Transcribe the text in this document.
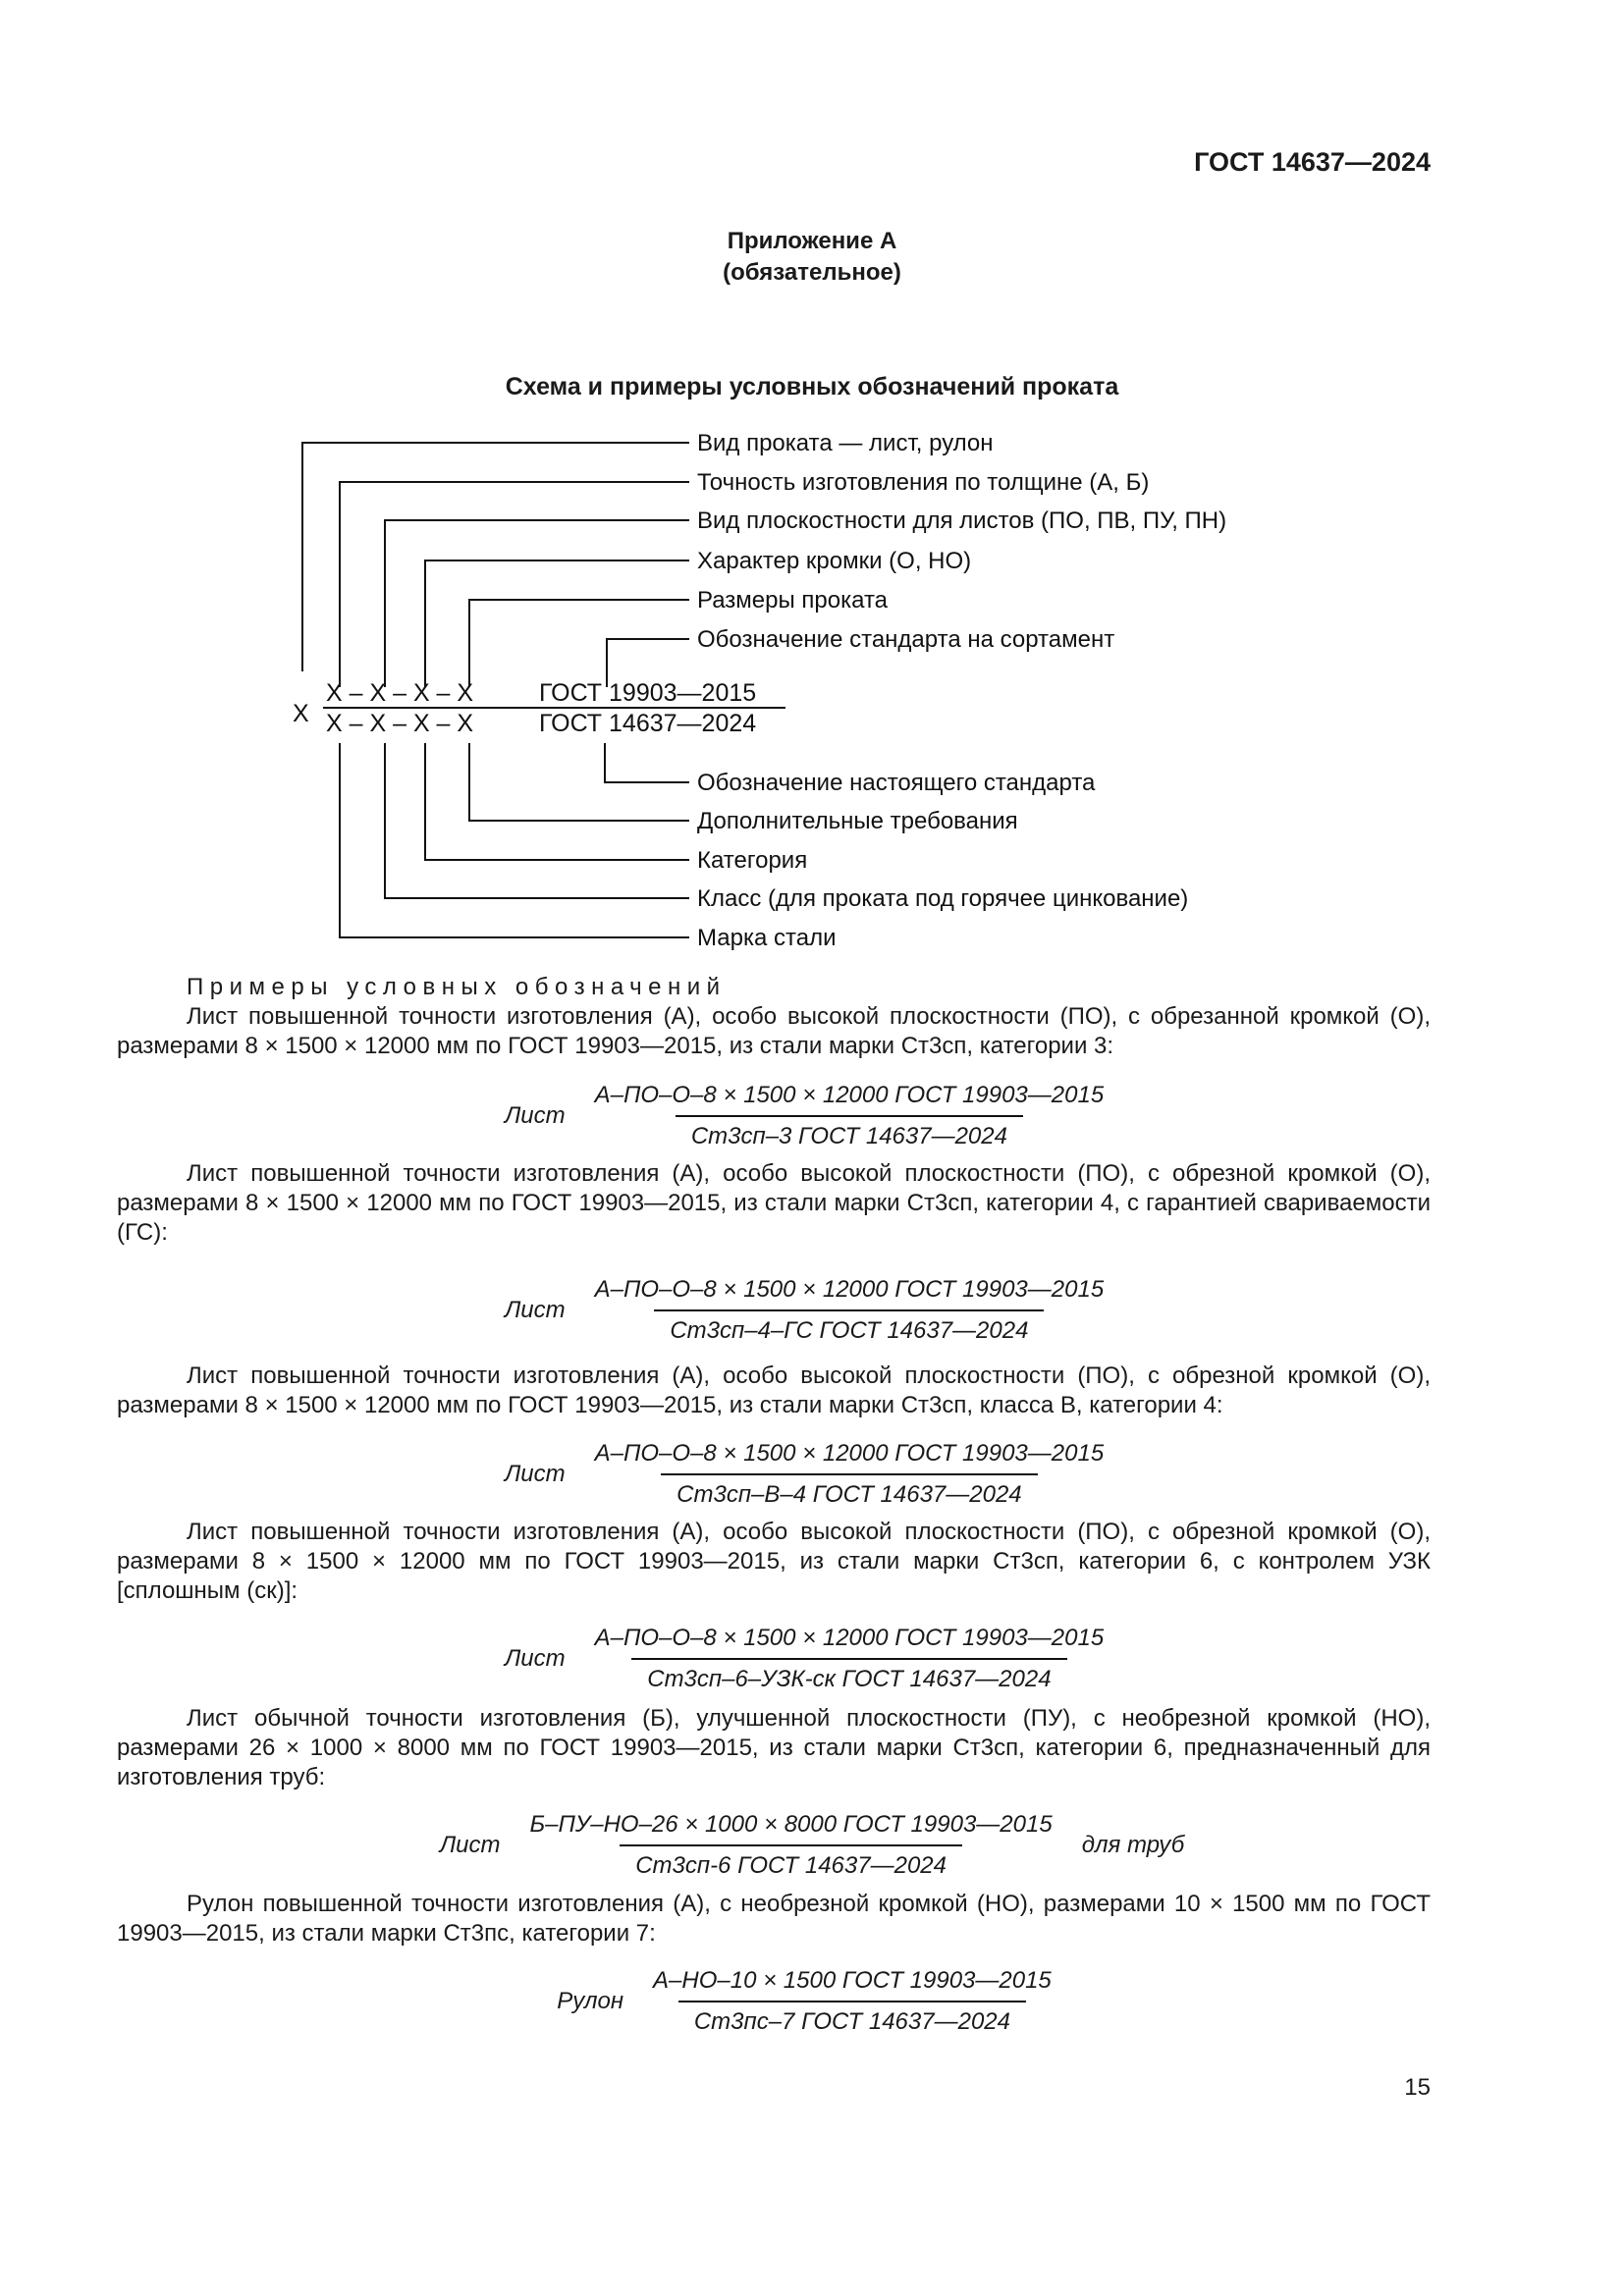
ГОСТ 14637—2024
Приложение А
(обязательное)
Схема и примеры условных обозначений проката
Вид проката — лист, рулон
Точность изготовления по толщине (А, Б)
Вид плоскостности для листов (ПО, ПВ, ПУ, ПН)
Характер кромки (О, НО)
Размеры проката
Обозначение стандарта на сортамент
Х
Х – Х – Х – Х
Х – Х – Х – Х
ГОСТ 19903—2015
ГОСТ 14637—2024
Обозначение настоящего стандарта
Дополнительные требования
Категория
Класс (для проката под горячее цинкование)
Марка стали
Примеры условных обозначений

Лист повышенной точности изготовления (А), особо высокой плоскостности (ПО), с обрезанной кромкой (О), размерами 8 × 1500 × 12000 мм по ГОСТ 19903—2015, из стали марки Ст3сп, категории 3:

Лист $\frac{\text{А–ПО–О–8 × 1500 × 12000 ГОСТ 19903—2015}}{\text{Ст3сп–3 ГОСТ 14637—2024}}$

Лист повышенной точности изготовления (А), особо высокой плоскостности (ПО), с обрезной кромкой (О), размерами 8 × 1500 × 12000 мм по ГОСТ 19903—2015, из стали марки Ст3сп, категории 4, с гарантией свариваемости (ГС):

Лист $\frac{\text{А–ПО–О–8 × 1500 × 12000 ГОСТ 19903—2015}}{\text{Ст3сп–4–ГС ГОСТ 14637—2024}}$

Лист повышенной точности изготовления (А), особо высокой плоскостности (ПО), с обрезной кромкой (О), размерами 8 × 1500 × 12000 мм по ГОСТ 19903—2015, из стали марки Ст3сп, класса В, категории 4:

Лист $\frac{\text{А–ПО–О–8 × 1500 × 12000 ГОСТ 19903—2015}}{\text{Ст3сп–В–4 ГОСТ 14637—2024}}$

Лист повышенной точности изготовления (А), особо высокой плоскостности (ПО), с обрезной кромкой (О), размерами 8 × 1500 × 12000 мм по ГОСТ 19903—2015, из стали марки Ст3сп, категории 6, с контролем УЗК [сплошным (ск)]:

Лист $\frac{\text{А–ПО–О–8 × 1500 × 12000 ГОСТ 19903—2015}}{\text{Ст3сп–6–УЗК-ск ГОСТ 14637—2024}}$

Лист обычной точности изготовления (Б), улучшенной плоскостности (ПУ), с необрезной кромкой (НО), размерами 26 × 1000 × 8000 мм по ГОСТ 19903—2015, из стали марки Ст3сп, категории 6, предназначенный для изготовления труб:

Лист $\frac{\text{Б–ПУ–НО–26 × 1000 × 8000 ГОСТ 19903—2015}}{\text{Ст3сп-6 ГОСТ 14637—2024}}$ для труб

Рулон повышенной точности изготовления (А), с необрезной кромкой (НО), размерами 10 × 1500 мм по ГОСТ 19903—2015, из стали марки Ст3пс, категории 7:

Рулон $\frac{\text{А–НО–10 × 1500 ГОСТ 19903—2015}}{\text{Ст3пс–7 ГОСТ 14637—2024}}$
15
